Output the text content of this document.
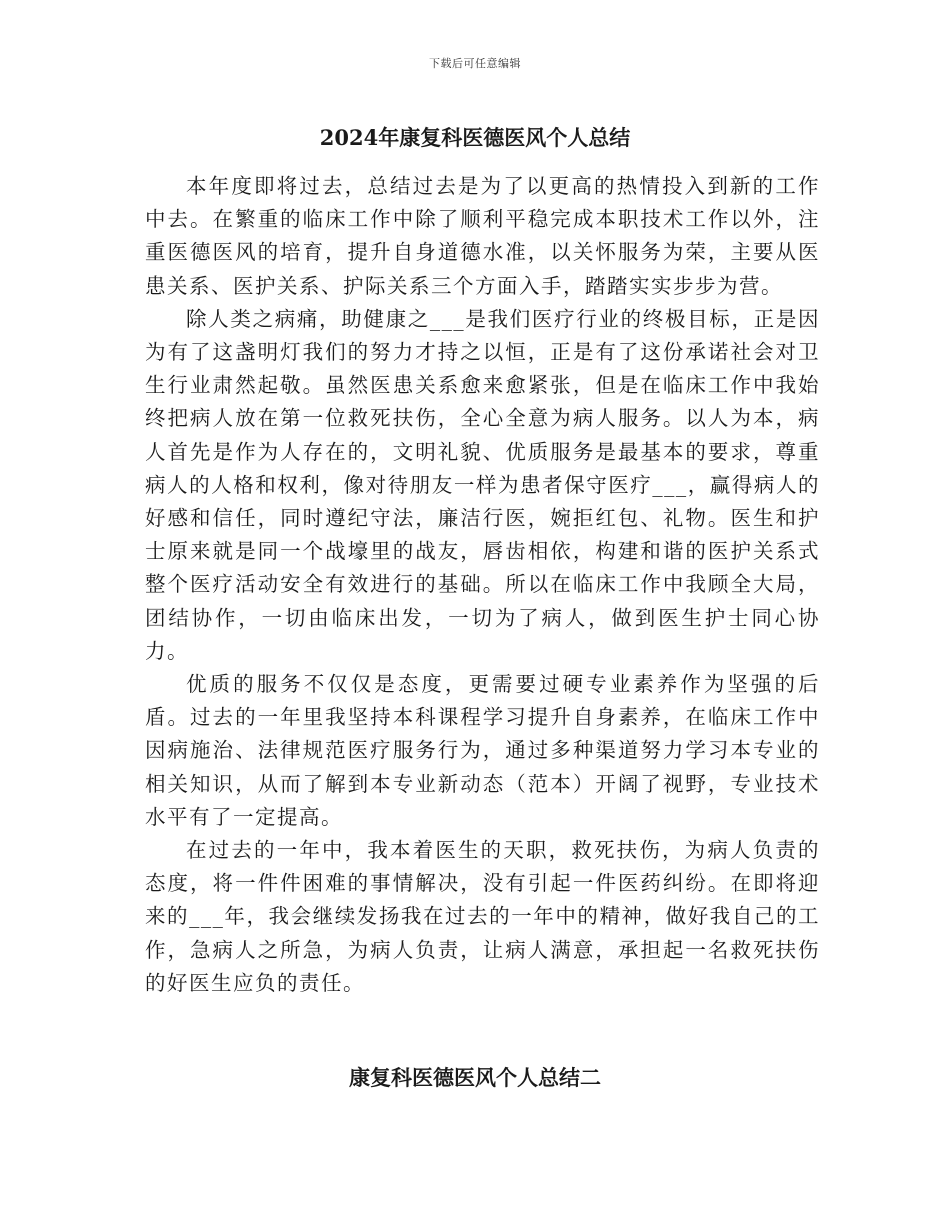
下载后可任意编辑
2024年康复科医德医风个人总结

本年度即将过去，总结过去是为了以更高的热情投入到新的工作中去。在繁重的临床工作中除了顺利平稳完成本职技术工作以外，注重医德医风的培育，提升自身道德水准，以关怀服务为荣，主要从医患关系、医护关系、护际关系三个方面入手，踏踏实实步步为营。

除人类之病痛，助健康之___是我们医疗行业的终极目标，正是因为有了这盏明灯我们的努力才持之以恒，正是有了这份承诺社会对卫生行业肃然起敬。虽然医患关系愈来愈紧张，但是在临床工作中我始终把病人放在第一位救死扶伤，全心全意为病人服务。以人为本，病人首先是作为人存在的，文明礼貌、优质服务是最基本的要求，尊重病人的人格和权利，像对待朋友一样为患者保守医疗___，赢得病人的好感和信任，同时遵纪守法，廉洁行医，婉拒红包、礼物。医生和护士原来就是同一个战壕里的战友，唇齿相依，构建和谐的医护关系式整个医疗活动安全有效进行的基础。所以在临床工作中我顾全大局，团结协作，一切由临床出发，一切为了病人，做到医生护士同心协力。

优质的服务不仅仅是态度，更需要过硬专业素养作为坚强的后盾。过去的一年里我坚持本科课程学习提升自身素养，在临床工作中因病施治、法律规范医疗服务行为，通过多种渠道努力学习本专业的相关知识，从而了解到本专业新动态（范本）开阔了视野，专业技术水平有了一定提高。

在过去的一年中，我本着医生的天职，救死扶伤，为病人负责的态度，将一件件困难的事情解决，没有引起一件医药纠纷。在即将迎来的___年，我会继续发扬我在过去的一年中的精神，做好我自己的工作，急病人之所急，为病人负责，让病人满意，承担起一名救死扶伤的好医生应负的责任。

康复科医德医风个人总结二
